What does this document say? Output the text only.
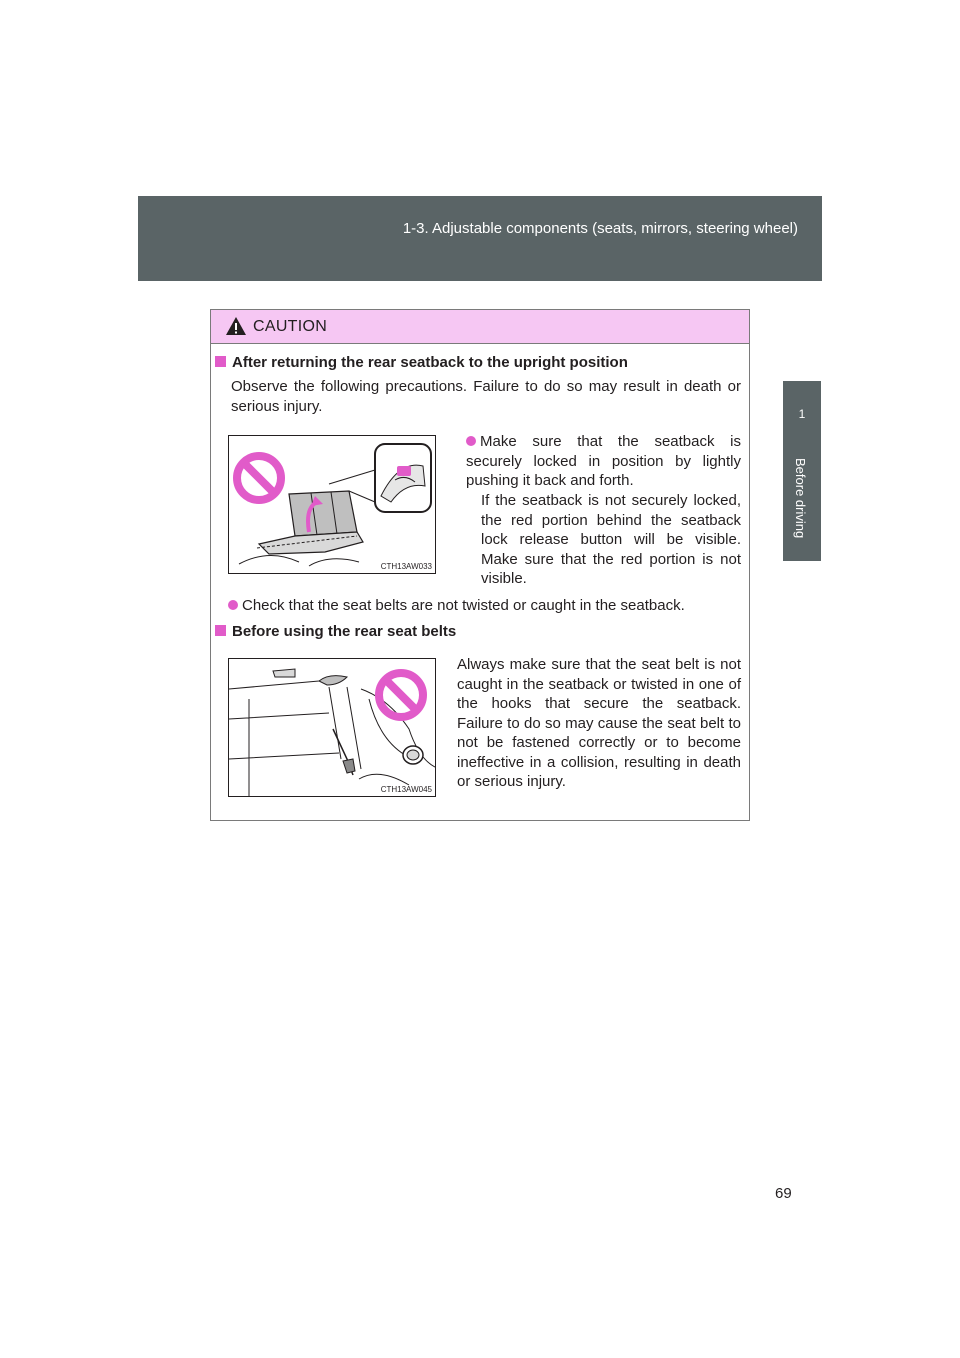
1-3. Adjustable components (seats, mirrors, steering wheel)
1
Before driving
CAUTION
After returning the rear seatback to the upright position
Observe the following precautions. Failure to do so may result in death or serious injury.
CTH13AW033
Make sure that the seatback is securely locked in position by lightly pushing it back and forth.
If the seatback is not securely locked, the red portion behind the seatback lock release button will be visible. Make sure that the red portion is not visible.
Check that the seat belts are not twisted or caught in the seatback.
Before using the rear seat belts
CTH13AW045
Always make sure that the seat belt is not caught in the seatback or twisted in one of the hooks that secure the seatback. Failure to do so may cause the seat belt to not be fastened correctly or to become ineffective in a collision, resulting in death or serious injury.
69
